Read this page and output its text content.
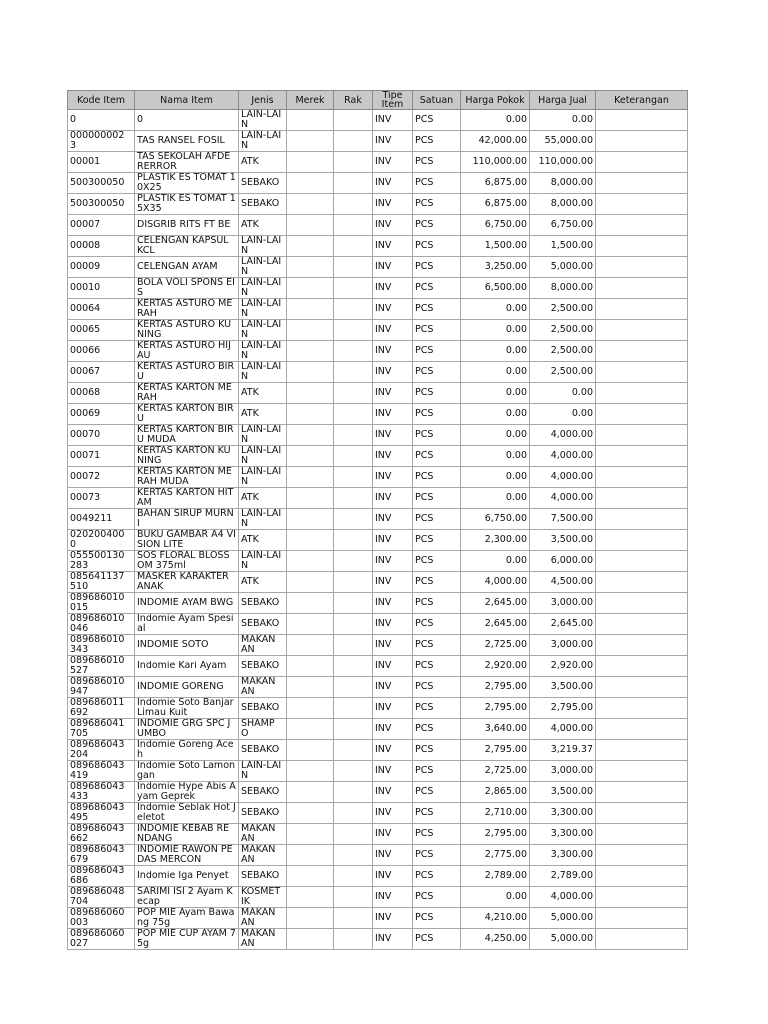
Kode Item	Nama Item	Jenis	Merek	Rak	Tipe Item	Satuan	Harga Pokok	Harga Jual	Keterangan

0	0	LAIN-LAIN			INV	PCS	0.00	0.00	

000000002 3	TAS RANSEL FOSIL	LAIN-LAIN			INV	PCS	42,000.00	55,000.00	

00001	TAS SEKOLAH AFDERERROR	ATK			INV	PCS	110,000.00	110,000.00	

500300050	PLASTIK ES TOMAT 10X25	SEBAKO			INV	PCS	6,875.00	8,000.00	

500300050	PLASTIK ES TOMAT 15X35	SEBAKO			INV	PCS	6,875.00	8,000.00	

00007	DISGRIB RITS FT BE	ATK			INV	PCS	6,750.00	6,750.00	

00008	CELENGAN KAPSUL KCL	LAIN-LAIN			INV	PCS	1,500.00	1,500.00	

00009	CELENGAN AYAM	LAIN-LAIN			INV	PCS	3,250.00	5,000.00	

00010	BOLA VOLI SPONS EIS	LAIN-LAIN			INV	PCS	6,500.00	8,000.00	

00064	KERTAS ASTURO MERAH	LAIN-LAIN			INV	PCS	0.00	2,500.00	

00065	KERTAS ASTURO KUNING	LAIN-LAIN			INV	PCS	0.00	2,500.00	

00066	KERTAS ASTURO HIJAU	LAIN-LAIN			INV	PCS	0.00	2,500.00	

00067	KERTAS ASTURO BIRU	LAIN-LAIN			INV	PCS	0.00	2,500.00	

00068	KERTAS KARTON MERAH	ATK			INV	PCS	0.00	0.00	

00069	KERTAS KARTON BIRU	ATK			INV	PCS	0.00	0.00	

00070	KERTAS KARTON BIRU MUDA	LAIN-LAIN			INV	PCS	0.00	4,000.00	

00071	KERTAS KARTON KUNING	LAIN-LAIN			INV	PCS	0.00	4,000.00	

00072	KERTAS KARTON MERAH MUDA	LAIN-LAIN			INV	PCS	0.00	4,000.00	

00073	KERTAS KARTON HITAM	ATK			INV	PCS	0.00	4,000.00	

0049211	BAHAN SIRUP MURNI	LAIN-LAIN			INV	PCS	6,750.00	7,500.00	

020200400 0	BUKU GAMBAR A4 VISION LITE	ATK			INV	PCS	2,300.00	3,500.00	

055500130 283	SOS FLORAL BLOSSOM 375ml	LAIN-LAIN			INV	PCS	0.00	6,000.00	

085641137 510	MASKER KARAKTER ANAK	ATK			INV	PCS	4,000.00	4,500.00	

089686010 015	INDOMIE AYAM BWG	SEBAKO			INV	PCS	2,645.00	3,000.00	

089686010 046	Indomie Ayam Spesial	SEBAKO			INV	PCS	2,645.00	2,645.00	

089686010 343	INDOMIE SOTO	MAKAN AN			INV	PCS	2,725.00	3,000.00	

089686010 527	Indomie Kari Ayam	SEBAKO			INV	PCS	2,920.00	2,920.00	

089686010 947	INDOMIE GORENG	MAKAN AN			INV	PCS	2,795.00	3,500.00	

089686011 692	Indomie Soto Banjar Limau Kuit	SEBAKO			INV	PCS	2,795.00	2,795.00	

089686041 705	INDOMIE GRG SPC JUMBO	SHAMP O			INV	PCS	3,640.00	4,000.00	

089686043 204	Indomie Goreng Aceh	SEBAKO			INV	PCS	2,795.00	3,219.37	

089686043 419	Indomie Soto Lamongan	LAIN-LAIN			INV	PCS	2,725.00	3,000.00	

089686043 433	Indomie Hype Abis Ayam Geprek	SEBAKO			INV	PCS	2,865.00	3,500.00	

089686043 495	Indomie Seblak Hot Jeletot	SEBAKO			INV	PCS	2,710.00	3,300.00	

089686043 662	INDOMIE KEBAB RENDANG	MAKAN AN			INV	PCS	2,795.00	3,300.00	

089686043 679	INDOMIE RAWON PEDAS MERCON	MAKAN AN			INV	PCS	2,775.00	3,300.00	

089686043 686	Indomie Iga Penyet	SEBAKO			INV	PCS	2,789.00	2,789.00	

089686048 704	SARIMI ISI 2 Ayam Kecap	KOSMET IK			INV	PCS	0.00	4,000.00	

089686060 003	POP MIE Ayam Bawang 75g	MAKAN AN			INV	PCS	4,210.00	5,000.00	

089686060 027	POP MIE CUP AYAM 75g	MAKAN AN			INV	PCS	4,250.00	5,000.00	
